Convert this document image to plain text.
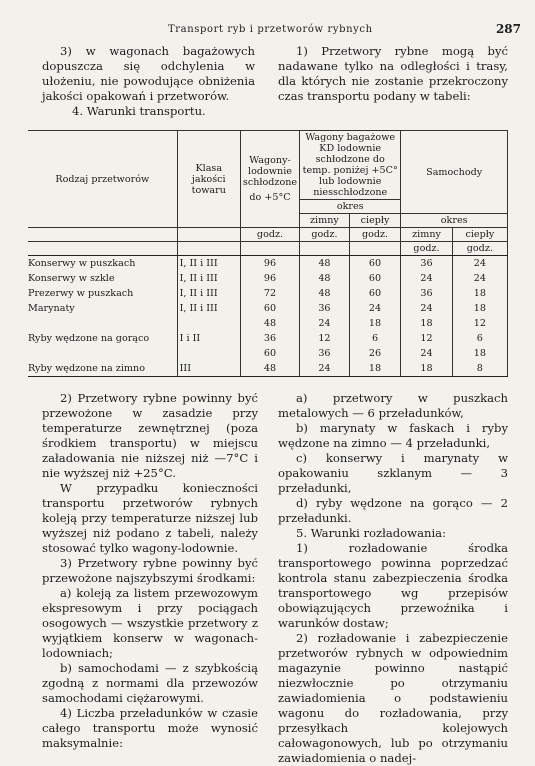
Transport ryb i przetworów rybnych	287

3) w wagonach bagażowych dopuszcza się odchylenia w ułożeniu, nie powodujące obniżenia jakości opakowań i przetworów.

4. Warunki transportu.

1) Przetwory rybne mogą być nadawane tylko na odległości i trasy, dla których nie zostanie przekroczony czas transportu podany w tabeli:

Rodzaj przetworów	Klasa jakości towaru	Wagony-lodownie schłodzone
do +5°C	Wagony bagażowe KD lodownie schłodzone do temp. poniżej +5C° lub lodownie niesschłodzone		Samochody	
			okres			
			zimny	ciepły	okres	
		godz.	godz.	godz.	zimny	ciepły
					godz.	godz.
Konserwy w puszkach	I, II i III	96	48	60	36	24
Konserwy w szkle	I, II i III	96	48	60	24	24
Prezerwy w puszkach	I, II i III	72	48	60	36	18
Marynaty	I, II i III	60	36	24	24	18
		48	24	18	18	12
Ryby wędzone na gorąco	I i II	36	12	6	12	6
		60	36	26	24	18
Ryby wędzone na zimno	III	48	24	18	18	8

2) Przetwory rybne powinny być przewożone w zasadzie przy temperaturze zewnętrznej (poza środkiem transportu) w miejscu załadowania nie niższej niż —7°C i nie wyższej niż +25°C.

W przypadku konieczności transportu przetworów rybnych koleją przy temperaturze niższej lub wyższej niż podano z tabeli, należy stosować tylko wagony-lodownie.

3) Przetwory rybne powinny być przewożone najszybszymi środkami:

a) koleją za listem przewozowym ekspresowym i przy pociągach osogowych — wszystkie przetwory z wyjątkiem konserw w wagonach-lodowniach;

b) samochodami — z szybkością zgodną z normami dla przewozów samochodami ciężarowymi.

4) Liczba przeładunków w czasie całego transportu może wynosić maksymalnie:

a) przetwory w puszkach metalowych — 6 przeładunków,

b) marynaty w faskach i ryby wędzone na zimno — 4 przeładunki,

c) konserwy i marynaty w opakowaniu szklanym — 3 przeładunki,

d) ryby wędzone na gorąco — 2 przeładunki.

5. Warunki rozładowania:

1) rozładowanie środka transportowego powinna poprzedzać kontrola stanu zabezpieczenia środka transportowego wg przepisów obowiązujących przewoźnika i warunków dostaw;

2) rozładowanie i zabezpieczenie przetworów rybnych w odpowiednim magazynie powinno nastąpić niezwłocznie po otrzymaniu zawiadomienia o podstawieniu wagonu do rozładowania, przy przesyłkach kolejowych całowagonowych, lub po otrzymaniu zawiadomienia o nadej-
